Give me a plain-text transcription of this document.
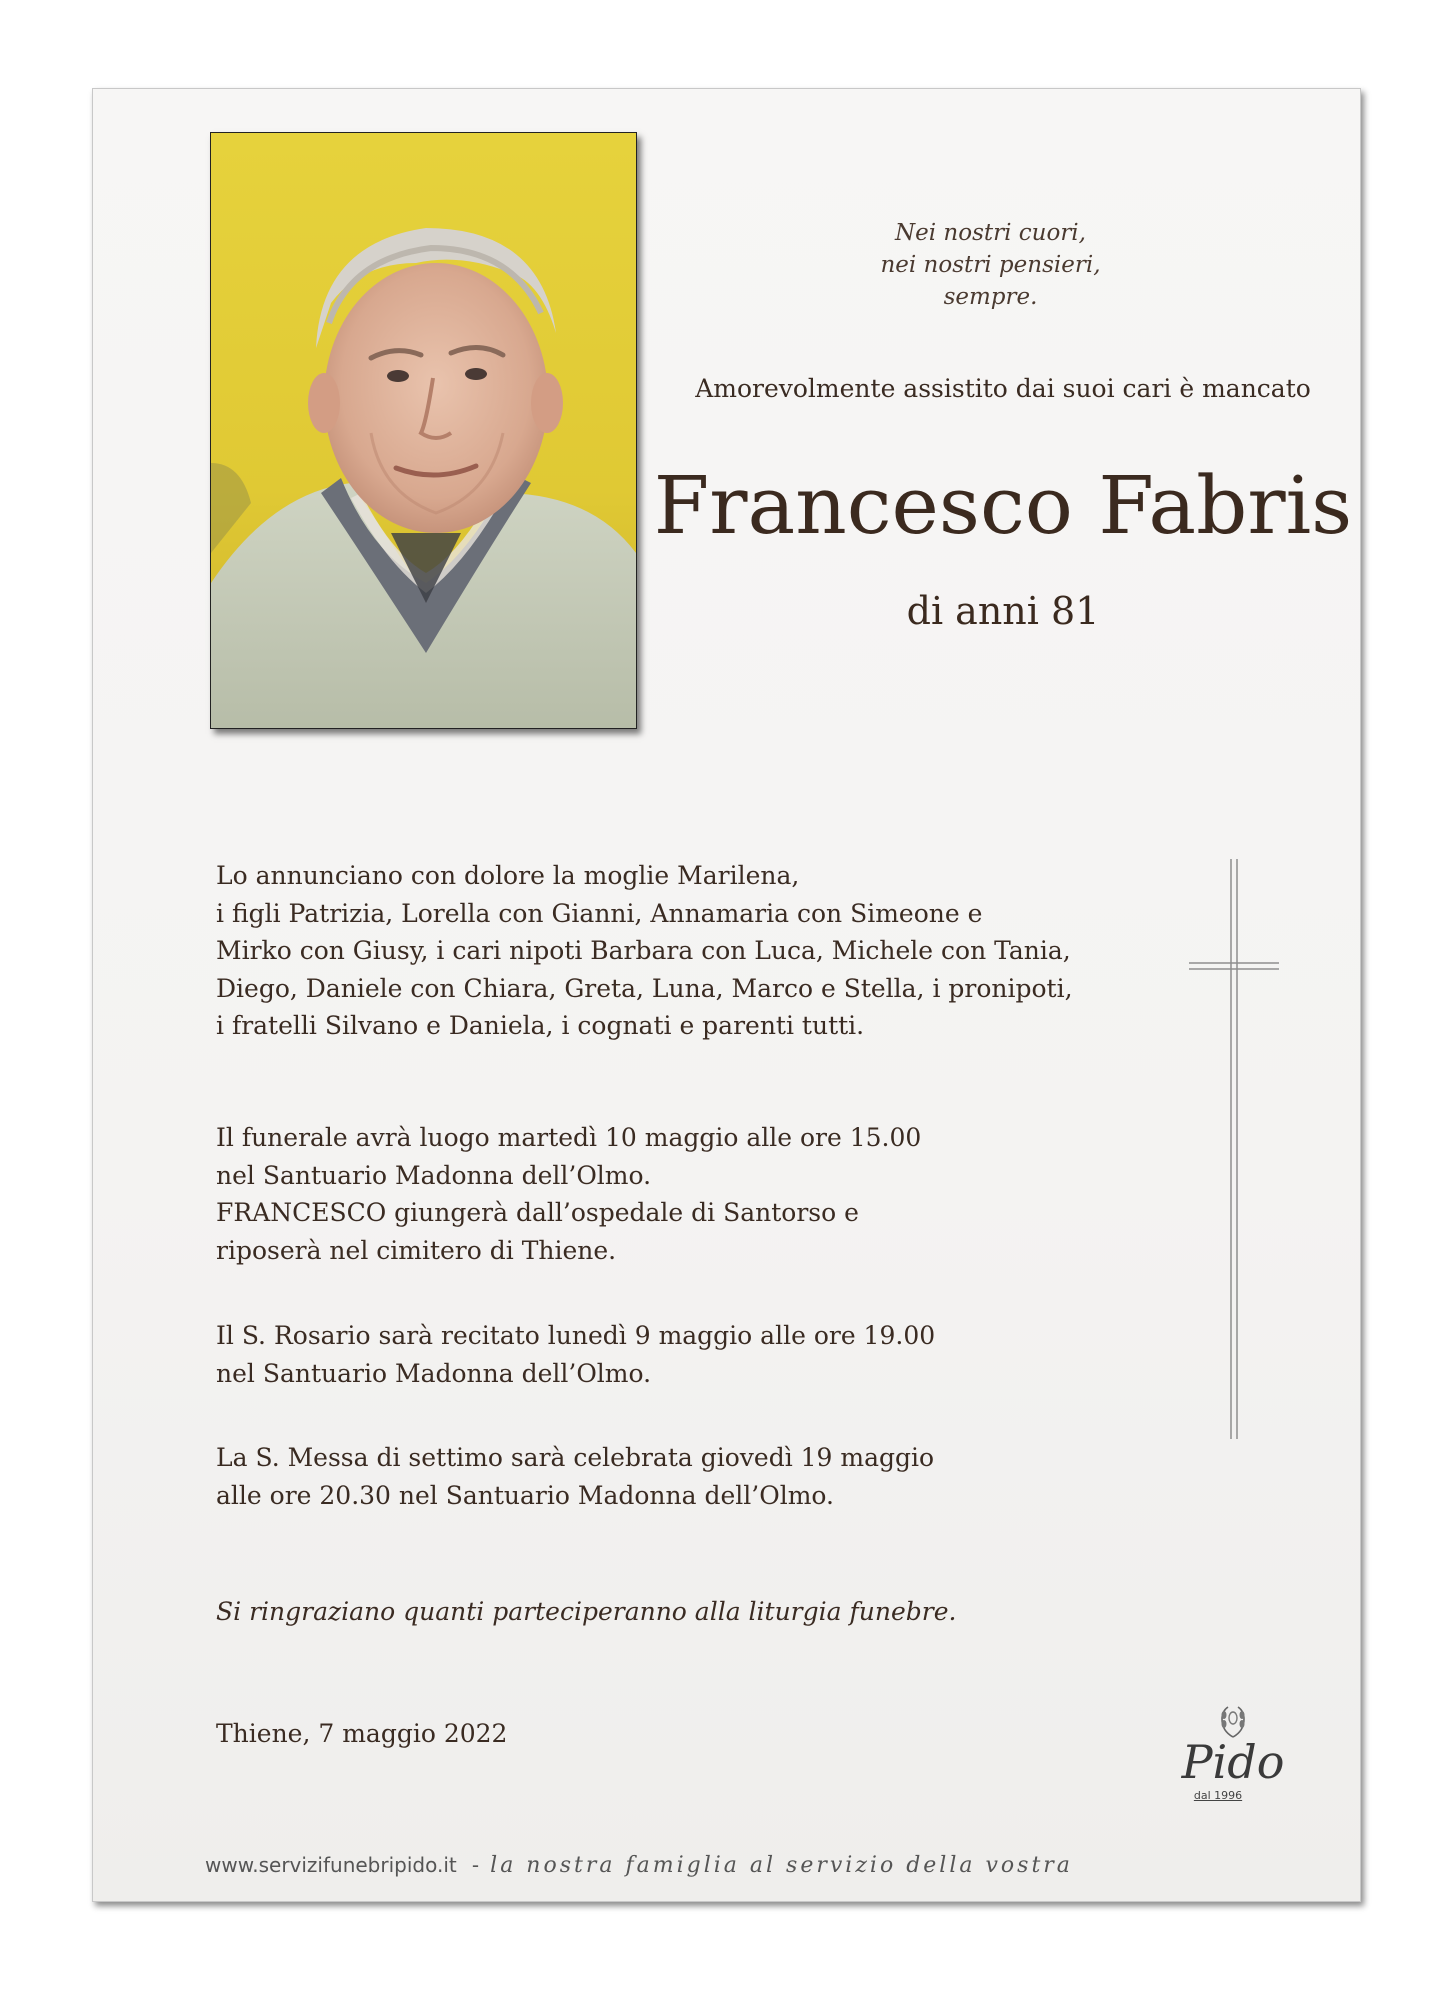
Nei nostri cuori,
nei nostri pensieri,
sempre.
Amorevolmente assistito dai suoi cari è mancato
Francesco Fabris
di anni 81
Lo annunciano con dolore la moglie Marilena,
i figli Patrizia, Lorella con Gianni, Annamaria con Simeone e
Mirko con Giusy, i cari nipoti Barbara con Luca, Michele con Tania,
Diego, Daniele con Chiara, Greta, Luna, Marco e Stella, i pronipoti,
i fratelli Silvano e Daniela, i cognati e parenti tutti.
Il funerale avrà luogo martedì 10 maggio alle ore 15.00
nel Santuario Madonna dell’Olmo.
FRANCESCO giungerà dall’ospedale di Santorso e
riposerà nel cimitero di Thiene.
Il S. Rosario sarà recitato lunedì 9 maggio alle ore 19.00
nel Santuario Madonna dell’Olmo.
La S. Messa di settimo sarà celebrata giovedì 19 maggio
alle ore 20.30 nel Santuario Madonna dell’Olmo.
Si ringraziano quanti parteciperanno alla liturgia funebre.
Thiene, 7 maggio 2022
Pido
dal 1996
www.servizifunebripido.it - la nostra famiglia al servizio della vostra
